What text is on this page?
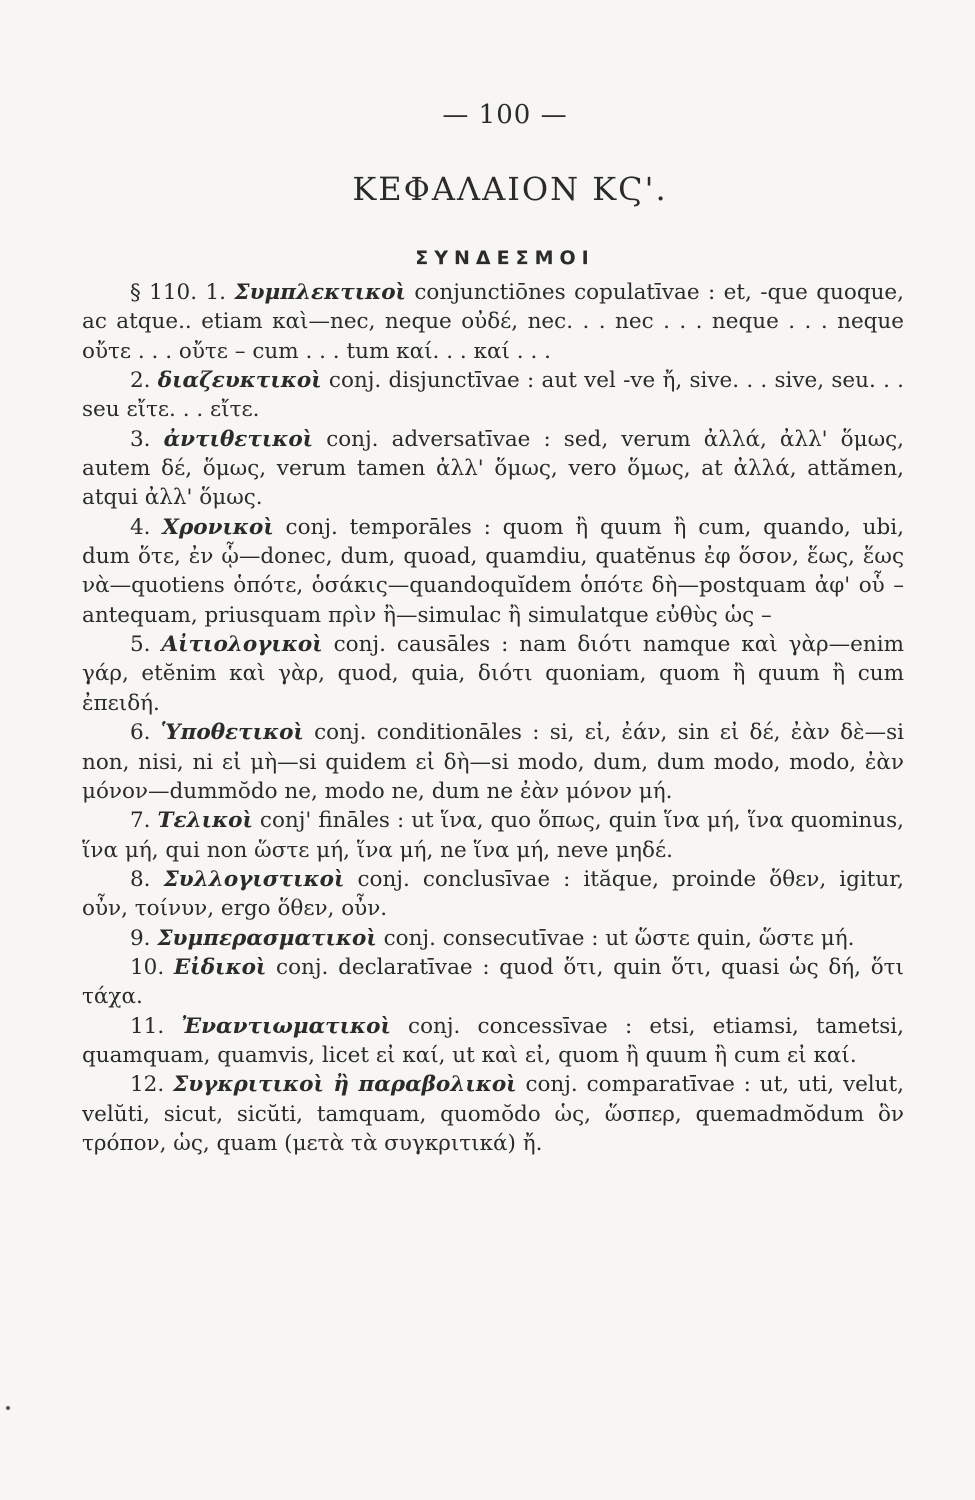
— 100 —
ΚΕΦΑΛΑΙΟΝ ΚϚ'.
ΣΥΝΔΕΣΜΟΙ

§ 110. 1. Συμπλεκτικοὶ conjunctiōnes copulatīvae : et, -que quoque, ac atque.. etiam καὶ—nec, neque οὐδέ, nec. . . nec . . . neque . . . neque οὔτε . . . οὔτε – cum . . . tum καί. . . καί . . .

2. διαζευκτικοὶ conj. disjunctīvae : aut vel -ve ἤ, sive. . . sive, seu. . . seu εἴτε. . . εἴτε.

3. ἀντιθετικοὶ conj. adversatīvae : sed, verum ἀλλά, ἀλλ' ὅμως, autem δέ, ὅμως, verum tamen ἀλλ' ὅμως, vero ὅμως, at ἀλλά, attămen, atqui ἀλλ' ὅμως.

4. Χρονικοὶ conj. temporāles : quom ἢ quum ἢ cum, quando, ubi, dum ὅτε, ἐν ᾧ—donec, dum, quoad, quamdiu, quatĕnus ἐφ ὅσον, ἕως, ἕως νὰ—quotiens ὁπότε, ὁσάκις—quandoquĭdem ὁπότε δὴ—postquam ἀφ' οὗ – antequam, priusquam πρὶν ἢ—simulac ἢ simulatque εὐθὺς ὡς –

5. Αἰτιολογικοὶ conj. causāles : nam διότι namque καὶ γὰρ—enim γάρ, etĕnim καὶ γὰρ, quod, quia, διότι quoniam, quom ἢ quum ἢ cum ἐπειδή.

6. Ὑποθετικοὶ conj. conditionāles : si, εἰ, ἐάν, sin εἰ δέ, ἐὰν δὲ—si non, nisi, ni εἰ μὴ—si quidem εἰ δὴ—si modo, dum, dum modo, modo, ἐὰν μόνον—dummŏdo ne, modo ne, dum ne ἐὰν μόνον μή.

7. Τελικοὶ conj' fināles : ut ἵνα, quo ὅπως, quin ἵνα μή, ἵνα quominus, ἵνα μή, qui non ὥστε μή, ἵνα μή, ne ἵνα μή, neve μηδέ.

8. Συλλογιστικοὶ conj. conclusīvae : ităque, proinde ὅθεν, igitur, οὖν, τοίνυν, ergo ὅθεν, οὖν.

9. Συμπερασματικοὶ conj. consecutīvae : ut ὥστε quin, ὥστε μή.

10. Εἰδικοὶ conj. declaratīvae : quod ὅτι, quin ὅτι, quasi ὡς δή, ὅτι τάχα.

11. Ἐναντιωματικοὶ conj. concessīvae : etsi, etiamsi, tametsi, quamquam, quamvis, licet εἰ καί, ut καὶ εἰ, quom ἢ quum ἢ cum εἰ καί.

12. Συγκριτικοὶ ἢ παραβολικοὶ conj. comparatīvae : ut, uti, velut, velŭti, sicut, sicŭti, tamquam, quomŏdo ὡς, ὥσπερ, quemadmŏdum ὃν τρόπον, ὡς, quam (μετὰ τὰ συγκριτικά) ἤ.
